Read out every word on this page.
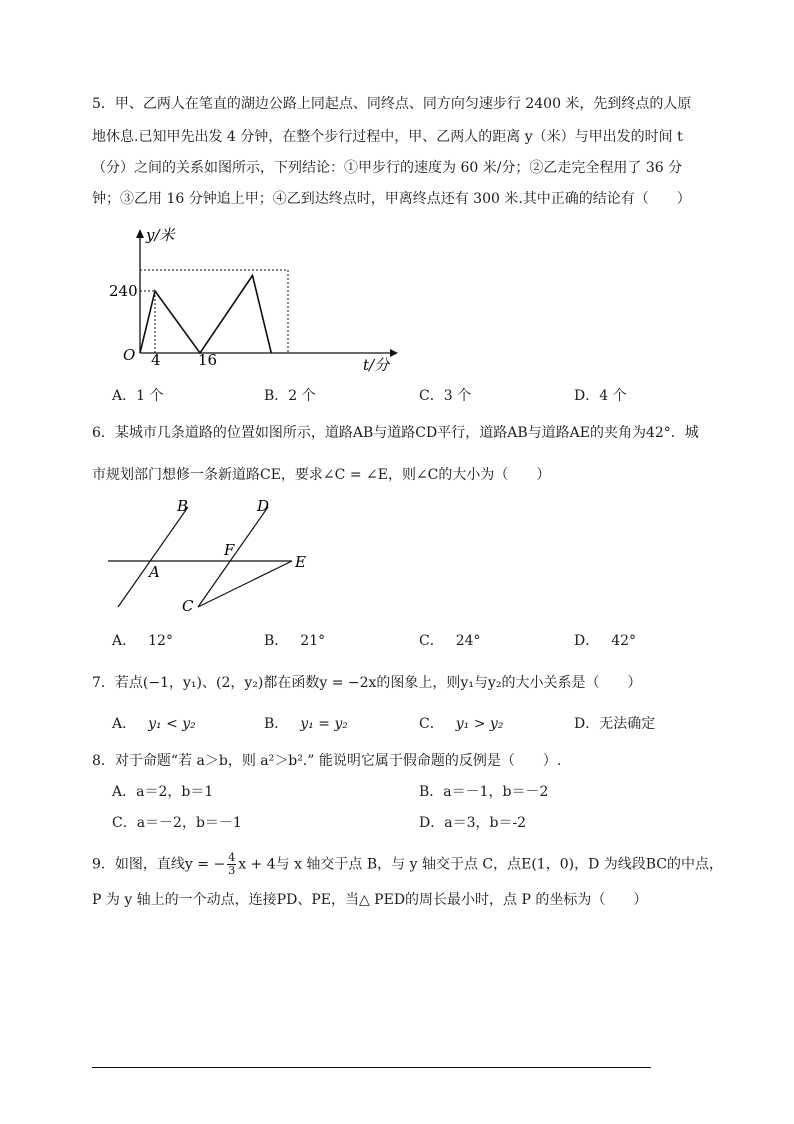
5．甲、乙两人在笔直的湖边公路上同起点、同终点、同方向匀速步行 2400 米，先到终点的人原
地休息.已知甲先出发 4 分钟，在整个步行过程中，甲、乙两人的距离 y（米）与甲出发的时间 t
（分）之间的关系如图所示，下列结论：①甲步行的速度为 60 米/分；②乙走完全程用了 36 分
钟；③乙用 16 分钟追上甲；④乙到达终点时，甲离终点还有 300 米.其中正确的结论有（　　）
y/米
t/分
O
240
4 16
A．1 个	B．2 个	C．3 个	D．4 个
6．某城市几条道路的位置如图所示，道路AB与道路CD平行，道路AB与道路AE的夹角为42°．城
市规划部门想修一条新道路CE，要求∠C = ∠E，则∠C的大小为（　　）
B	D
F
A
E
C
A． 12°	B． 21°	C． 24°	D． 42°
7．若点(−1，y₁)、(2，y₂)都在函数y = −2x的图象上，则y₁与y₂的大小关系是（　　）
A． y₁ < y₂	B． y₁ = y₂	C． y₁ > y₂	D．无法确定
8．对于命题“若 a＞b，则 a²＞b².” 能说明它属于假命题的反例是（　　）.
A．a＝2，b＝1	B．a＝－1，b＝－2
C．a＝－2，b＝－1	D．a＝3，b＝-2
9．如图，直线y = − $\frac{4}{3}$ x + 4与 x 轴交于点 B，与 y 轴交于点 C，点E(1，0)，D 为线段BC的中点，
P 为 y 轴上的一个动点，连接PD、PE，当△ PED的周长最小时，点 P 的坐标为（　　）
